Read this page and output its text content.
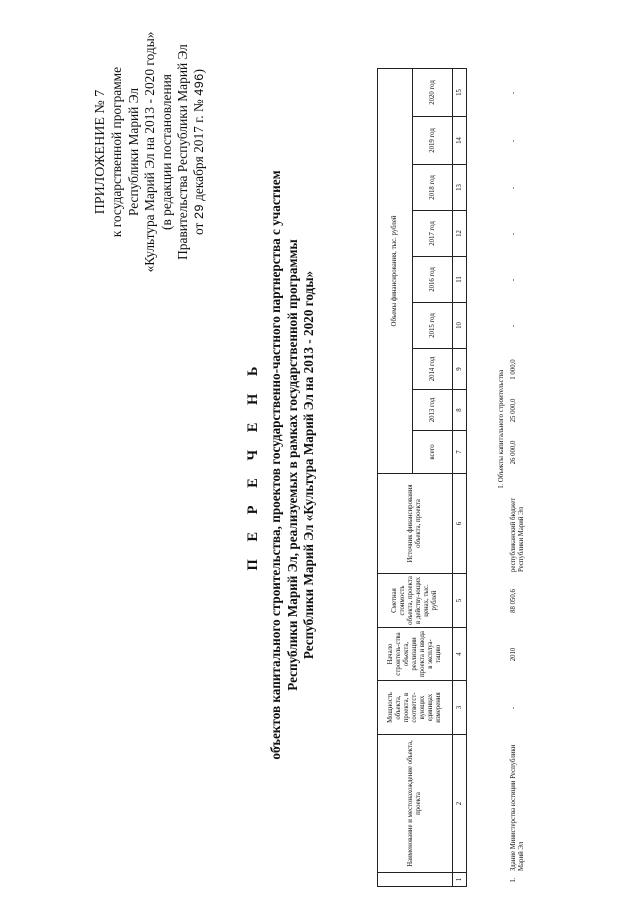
ПРИЛОЖЕНИЕ № 7 к государственной программе Республики Марий Эл «Культура Марий Эл на 2013 - 2020 годы» (в редакции постановления Правительства Республики Марий Эл от 29 декабря 2017 г. № 496)
П Е Р Е Ч Е Н Ь объектов капитального строительства, проектов государственно-частного партнерства с участием Республики Марий Эл, реализуемых в рамках государственной программы Республики Марий Эл «Культура Марий Эл на 2013 - 2020 годы»
	Наименование и местонахождение объекта, проекта	Мощность объекта, проекта, в соответст-вующих единицах измерения	Начало строитель-ства объекта, реализации проекта и ввода в эксплуа-тацию	Сметная стоимость объекта, проекта в действу-ющих ценах, тыс. рублей	Источник финансирования объекта, проекта	Объемы финансирования, тыс. рублей								
						всего	2013 год	2014 год	2015 год	2016 год	2017 год	2018 год	2019 год	2020 год
1	2	3	4	5	6	7	8	9	10	11	12	13	14	15
I. Объекты капитального строительства
1.	Здание Министерства юстиции Республики Марий Эл	-	2010	88 050,6	республиканский бюджет Республики Марий Эл	26 000,0	25 000,0	1 000,0	-	-	-	-	-	-
